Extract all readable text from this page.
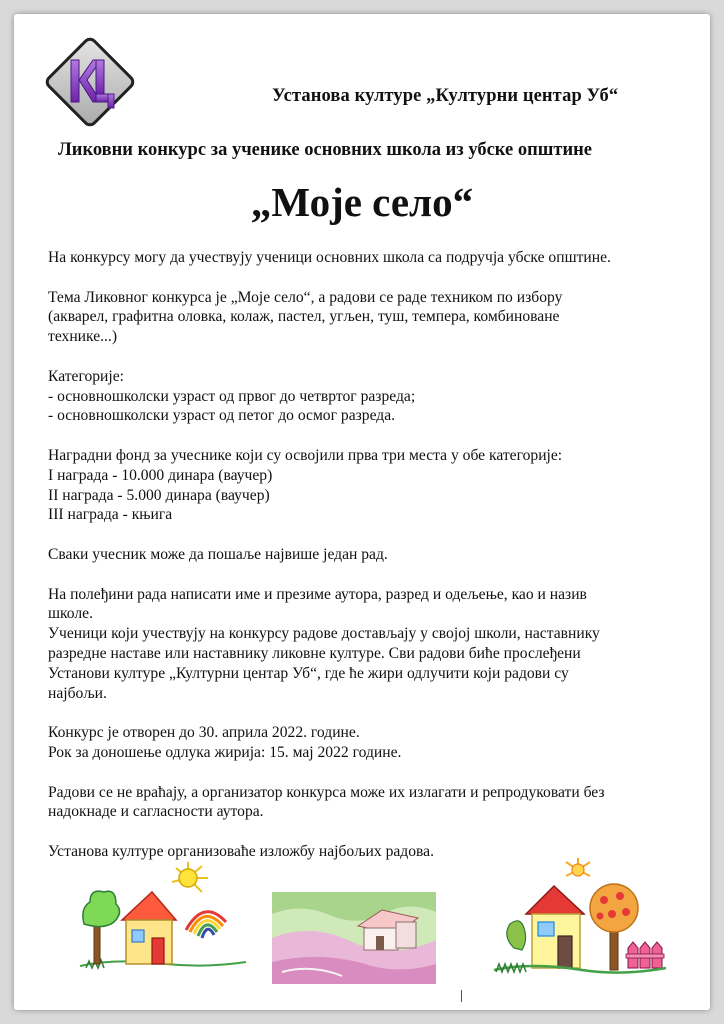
Установа културе „Културни центар Уб“
Ликовни конкурс за ученике основних школа из убске општине
„Моје село“

На конкурсу могу да учествују ученици основних школа са подручја убске општине.

Тема Ликовног конкурса је „Моје село“, а радови се раде техником по избору
(акварел, графитна оловка, колаж, пастел, угљен, туш, темпера, комбиноване
технике...)

Категорије:
- основношколски узраст од првог до четвртог разреда;
- основношколски узраст од петог до осмог разреда.

Наградни фонд за учеснике који су освојили прва три места у обе категорије:
I награда - 10.000 динара (ваучер)
II награда - 5.000 динара (ваучер)
III награда - књига

Сваки учесник може да пошаље највише један рад.

На полеђини рада написати име и презиме аутора, разред и одељење, као и назив
школе.
Ученици који учествују на конкурсу радове достављају у својој школи, наставнику
разредне наставе или наставнику ликовне културе. Сви радови биће прослеђени
Установи културе „Културни центар Уб“, где ће жири одлучити који радови су
најбољи.

Конкурс је отворен до 30. априла 2022. године.
Рок за доношење одлука жирија: 15. мај 2022 године.

Радови се не враћају, а организатор конкурса може их излагати и репродуковати без
надокнаде и сагласности аутора.

Установа културе организоваће изложбу најбољих радова.
